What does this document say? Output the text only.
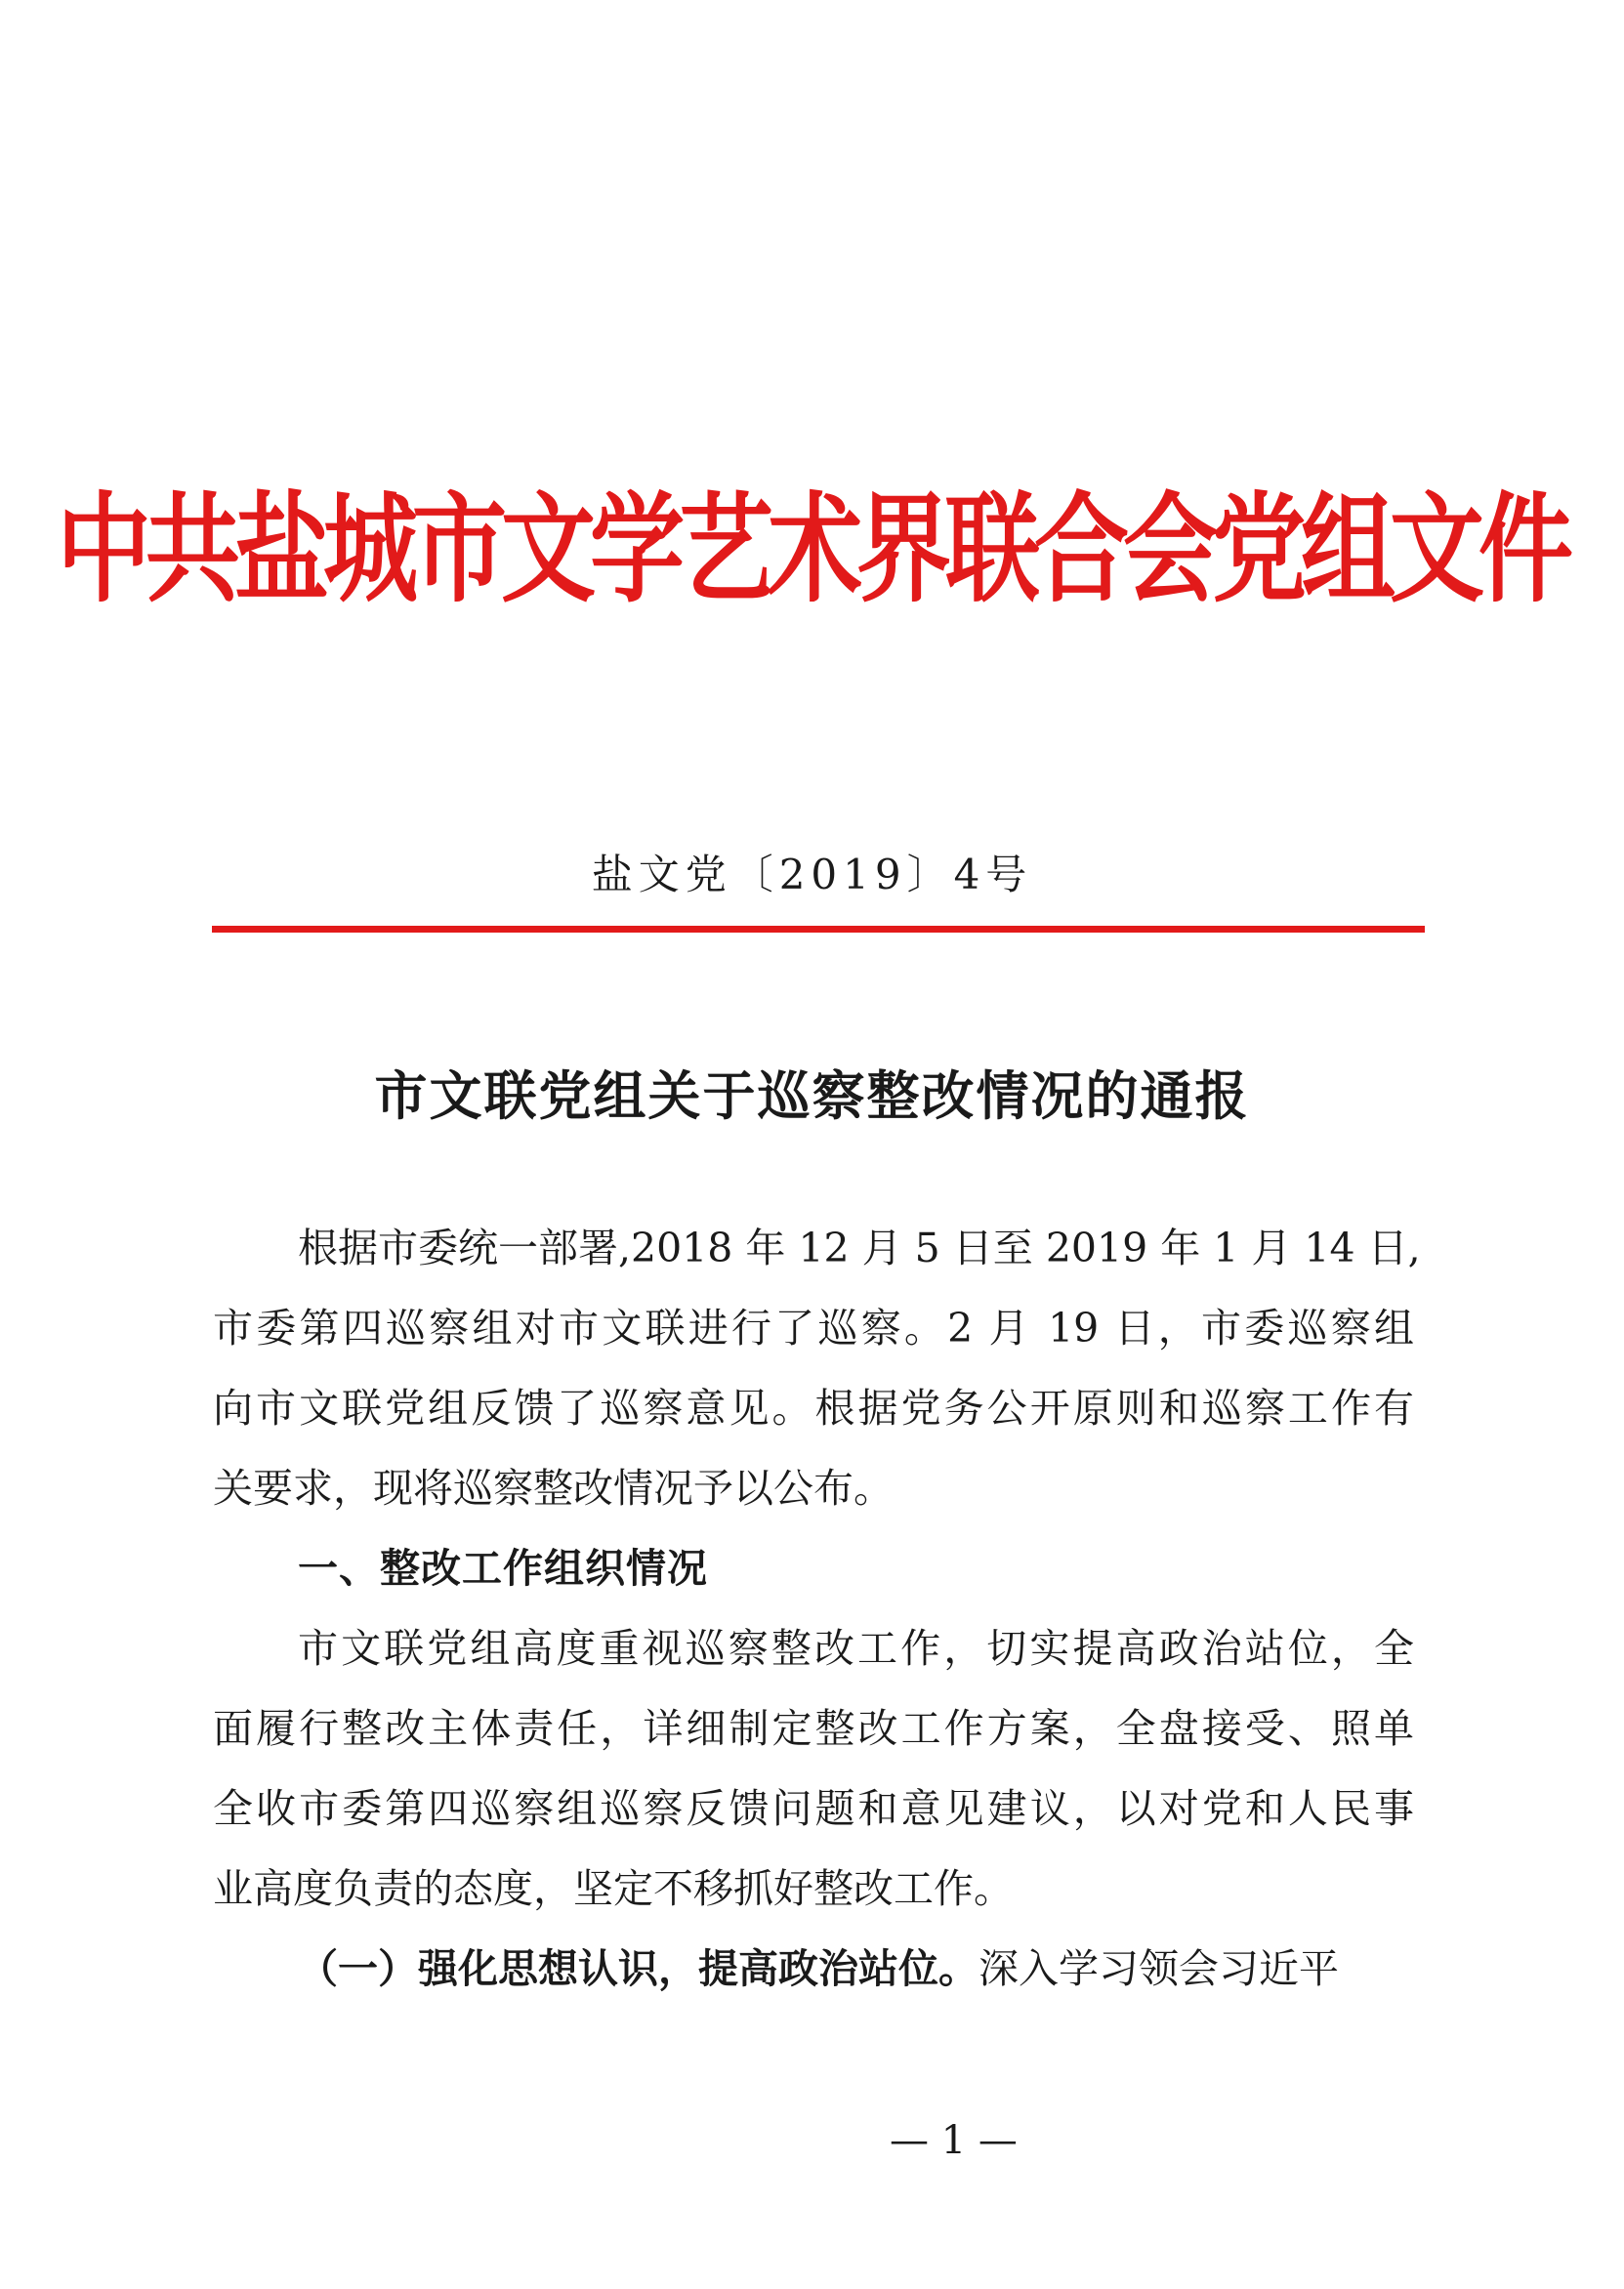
中共盐城市文学艺术界联合会党组文件
盐文党〔2019〕4号
市文联党组关于巡察整改情况的通报
根据市委统一部署,2018 年 12 月 5 日至 2019 年 1 月 14 日,
市委第四巡察组对市文联进行了巡察。2 月 19 日，市委巡察组
向市文联党组反馈了巡察意见。根据党务公开原则和巡察工作有
关要求，现将巡察整改情况予以公布。
一、整改工作组织情况
市文联党组高度重视巡察整改工作，切实提高政治站位，全
面履行整改主体责任，详细制定整改工作方案，全盘接受、照单
全收市委第四巡察组巡察反馈问题和意见建议，以对党和人民事
业高度负责的态度，坚定不移抓好整改工作。
（一）强化思想认识，提高政治站位。深入学习领会习近平
— 1 —
